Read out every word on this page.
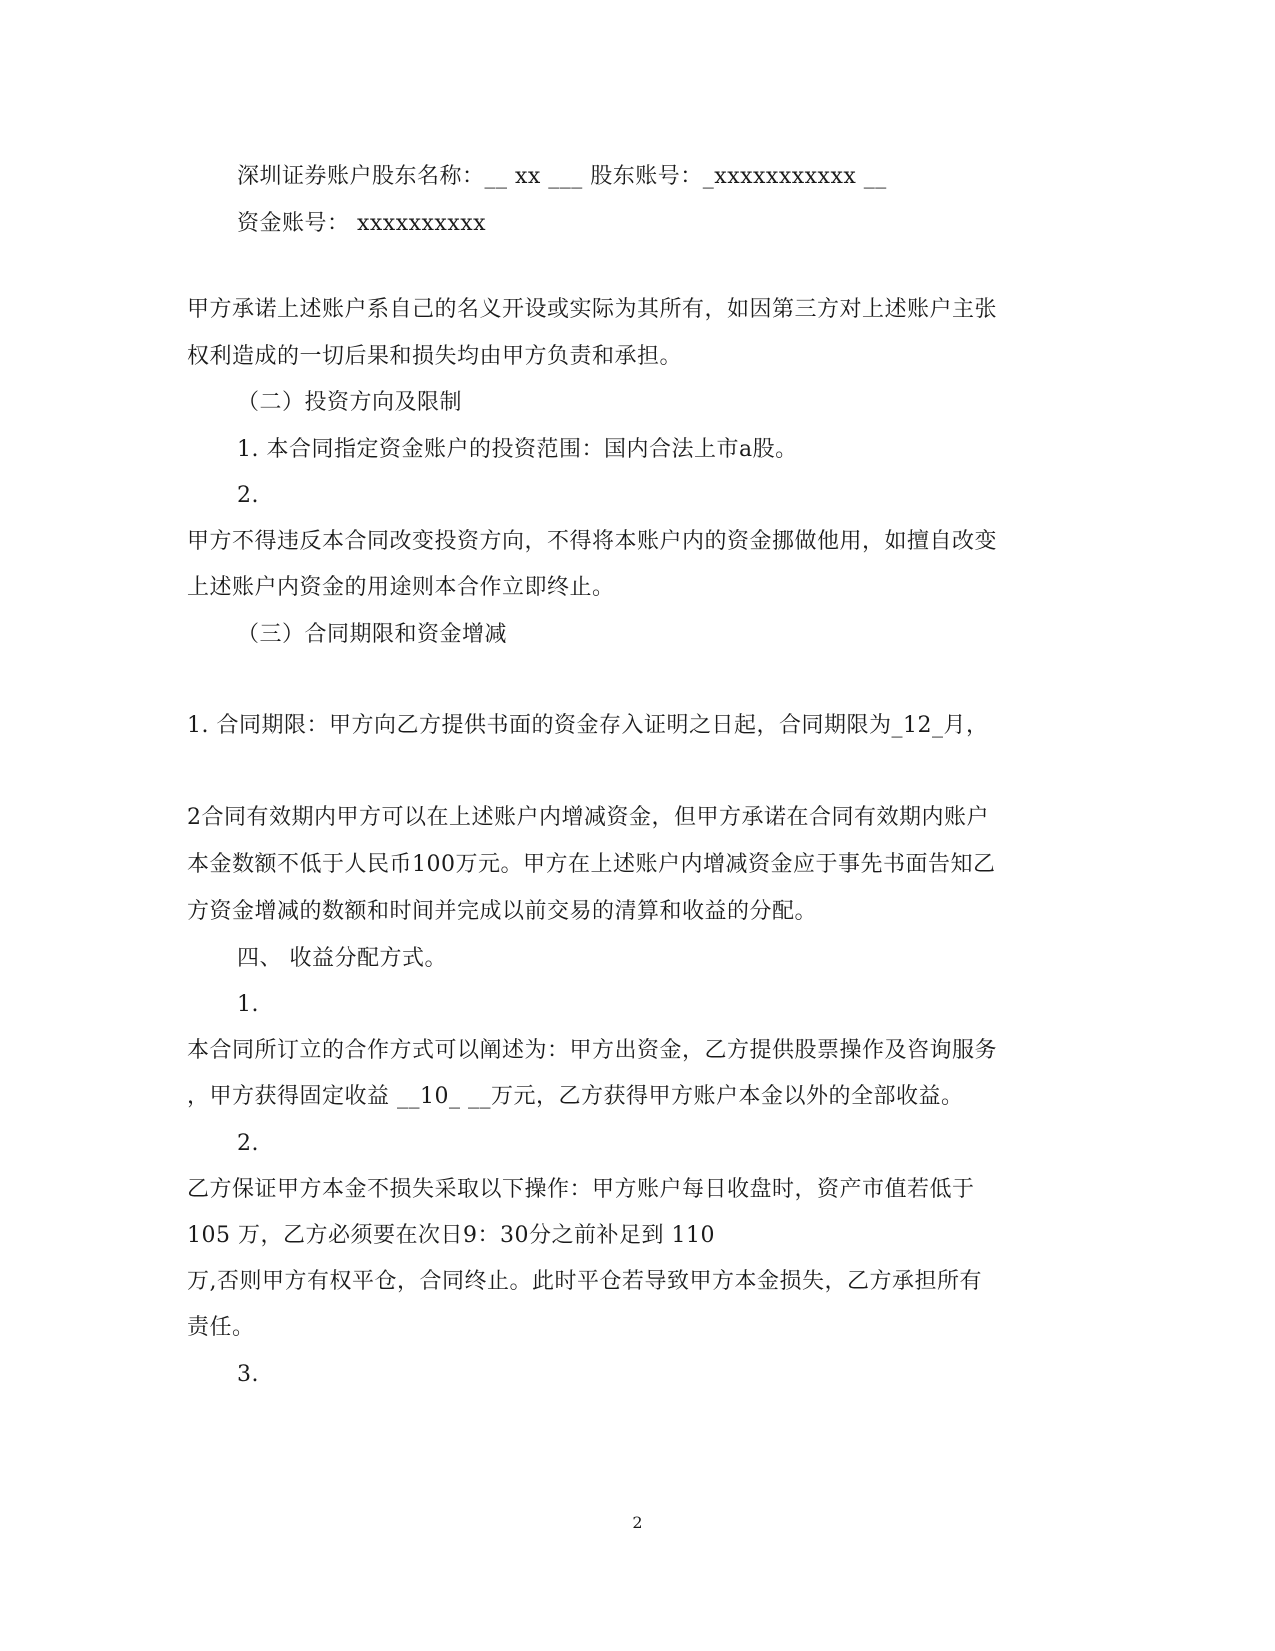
深圳证券账户股东名称：__ xx ___ 股东账号：_xxxxxxxxxxx __
资金账号： xxxxxxxxxx
甲方承诺上述账户系自己的名义开设或实际为其所有，如因第三方对上述账户主张
权利造成的一切后果和损失均由甲方负责和承担。
（二）投资方向及限制
1. 本合同指定资金账户的投资范围：国内合法上市a股。
2.
甲方不得违反本合同改变投资方向，不得将本账户内的资金挪做他用，如擅自改变
上述账户内资金的用途则本合作立即终止。
（三）合同期限和资金增减
1. 合同期限：甲方向乙方提供书面的资金存入证明之日起，合同期限为_12_月，
2合同有效期内甲方可以在上述账户内增减资金，但甲方承诺在合同有效期内账户
本金数额不低于人民币100万元。甲方在上述账户内增减资金应于事先书面告知乙
方资金增减的数额和时间并完成以前交易的清算和收益的分配。
四、 收益分配方式。
1.
本合同所订立的合作方式可以阐述为：甲方出资金，乙方提供股票操作及咨询服务
，甲方获得固定收益 __10_ __万元，乙方获得甲方账户本金以外的全部收益。
2.
乙方保证甲方本金不损失采取以下操作：甲方账户每日收盘时，资产市值若低于
105 万，乙方必须要在次日9：30分之前补足到 110
万,否则甲方有权平仓，合同终止。此时平仓若导致甲方本金损失，乙方承担所有
责任。
3.
2
